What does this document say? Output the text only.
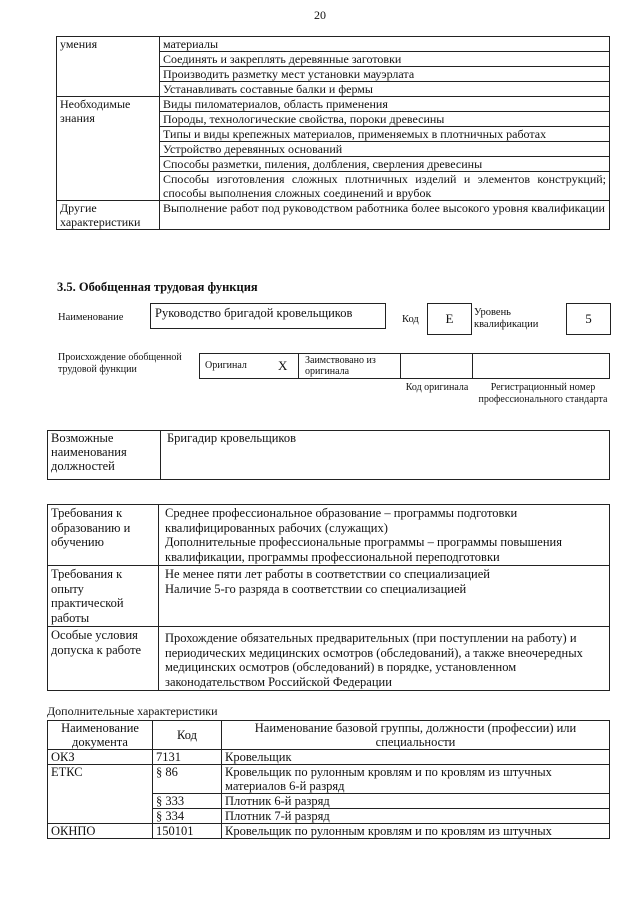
20
умения	материалы
	Соединять и закреплять деревянные заготовки
	Производить разметку мест установки мауэрлата
	Устанавливать составные балки и фермы
Необходимые знания	Виды пиломатериалов, область применения
	Породы, технологические свойства, пороки древесины
	Типы и виды крепежных материалов, применяемых в плотничных работах
	Устройство деревянных оснований
	Способы разметки, пиления, долбления, сверления древесины
	Способы изготовления сложных плотничных изделий и элементов конструкций; способы выполнения сложных соединений и врубок
Другие характеристики	Выполнение работ под руководством работника более высокого уровня квалификации
3.5. Обобщенная трудовая функция
Наименование	Руководство бригадой кровельщиков	Код	E	Уровень квалификации	5
Происхождение обобщенной трудовой функции	Оригинал X Заимствовано из оригинала
Код оригинала	Регистрационный номер профессионального стандарта
Возможные наименования должностей	Бригадир кровельщиков
Требования к образованию и обучению	Среднее профессиональное образование – программы подготовки квалифицированных рабочих (служащих)
Дополнительные профессиональные программы – программы повышения квалификации, программы профессиональной переподготовки

Требования к опыту практической работы	Не менее пяти лет работы в соответствии со специализацией
Наличие 5-го разряда в соответствии со специализацией

Особые условия допуска к работе	Прохождение обязательных предварительных (при поступлении на работу) и периодических медицинских осмотров (обследований), а также внеочередных медицинских осмотров (обследований) в порядке, установленном законодательством Российской Федерации
Дополнительные характеристики
Наименование документа	Код	Наименование базовой группы, должности (профессии) или специальности
ОКЗ	7131	Кровельщик
ЕТКС	§ 86	Кровельщик по рулонным кровлям и по кровлям из штучных материалов 6-й разряд
	§ 333	Плотник 6-й разряд
	§ 334	Плотник 7-й разряд
ОКНПО	150101	Кровельщик по рулонным кровлям и по кровлям из штучных
